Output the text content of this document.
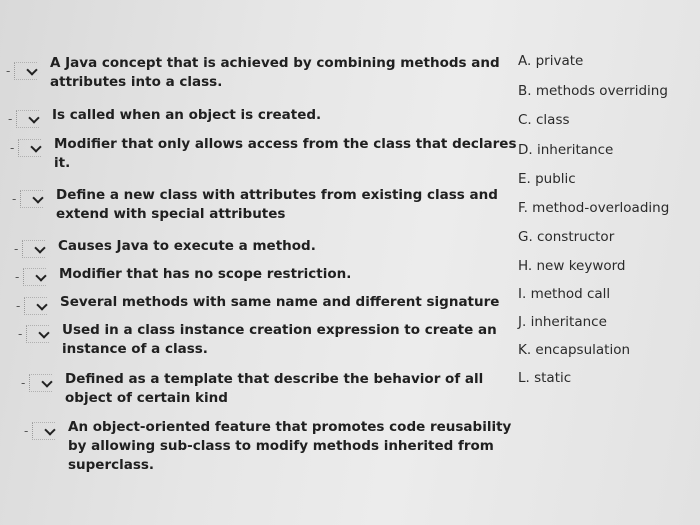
-	A Java concept that is achieved by combining methods and
attributes into a class.
-	Is called when an object is created.
-	Modifier that only allows access from the class that declares
it.
-	Define a new class with attributes from existing class and
extend with special attributes
-	Causes Java to execute a method.
-	Modifier that has no scope restriction.
-	Several methods with same name and different signature
-	Used in a class instance creation expression to create an
instance of a class.
-	Defined as a template that describe the behavior of all
object of certain kind
-	An object-oriented feature that promotes code reusability
by allowing sub-class to modify methods inherited from
superclass.
A. private
B. methods overriding
C. class
D. inheritance
E. public
F. method-overloading
G. constructor
H. new keyword
I. method call
J. inheritance
K. encapsulation
L. static
